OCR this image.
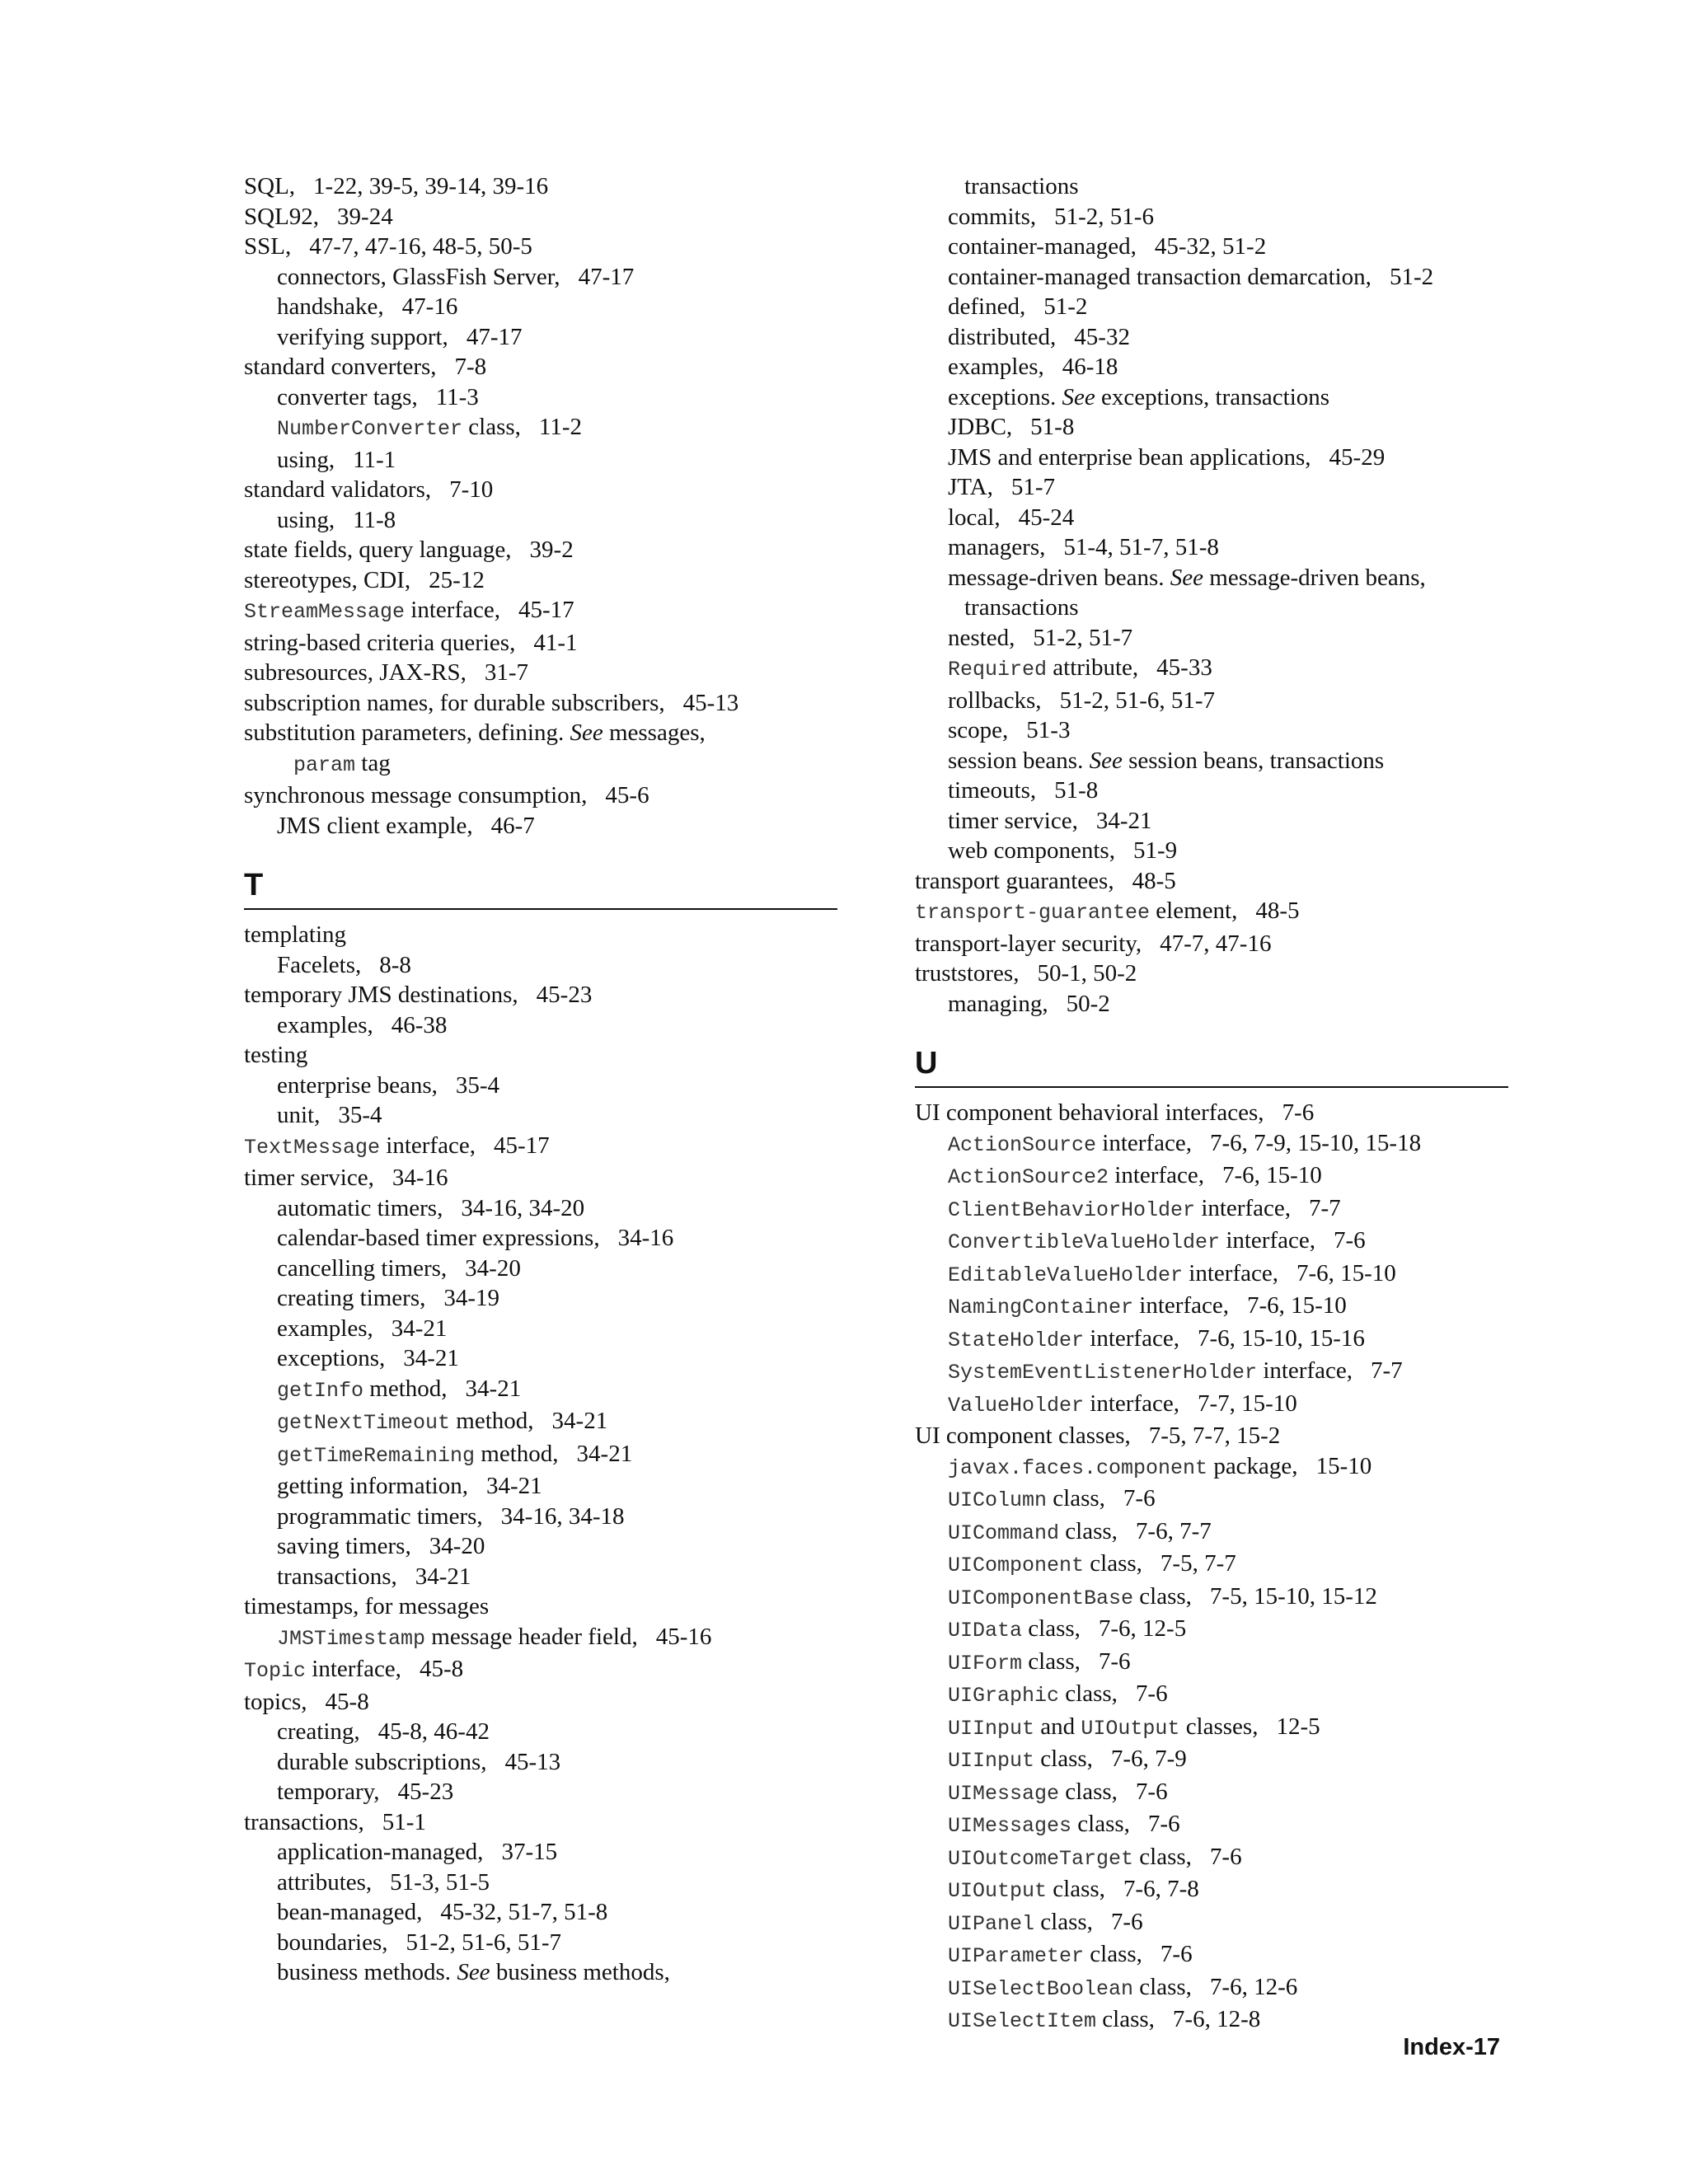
SQL, 1-22, 39-5, 39-14, 39-16
SQL92, 39-24
SSL, 47-7, 47-16, 48-5, 50-5
connectors, GlassFish Server, 47-17
handshake, 47-16
verifying support, 47-17
standard converters, 7-8
converter tags, 11-3
NumberConverter class, 11-2
using, 11-1
standard validators, 7-10
using, 11-8
state fields, query language, 39-2
stereotypes, CDI, 25-12
StreamMessage interface, 45-17
string-based criteria queries, 41-1
subresources, JAX-RS, 31-7
subscription names, for durable subscribers, 45-13
substitution parameters, defining. See messages,
param tag
synchronous message consumption, 45-6
JMS client example, 46-7
T
templating
Facelets, 8-8
temporary JMS destinations, 45-23
examples, 46-38
testing
enterprise beans, 35-4
unit, 35-4
TextMessage interface, 45-17
timer service, 34-16
automatic timers, 34-16, 34-20
calendar-based timer expressions, 34-16
cancelling timers, 34-20
creating timers, 34-19
examples, 34-21
exceptions, 34-21
getInfo method, 34-21
getNextTimeout method, 34-21
getTimeRemaining method, 34-21
getting information, 34-21
programmatic timers, 34-16, 34-18
saving timers, 34-20
transactions, 34-21
timestamps, for messages
JMSTimestamp message header field, 45-16
Topic interface, 45-8
topics, 45-8
creating, 45-8, 46-42
durable subscriptions, 45-13
temporary, 45-23
transactions, 51-1
application-managed, 37-15
attributes, 51-3, 51-5
bean-managed, 45-32, 51-7, 51-8
boundaries, 51-2, 51-6, 51-7
business methods. See business methods,
transactions
commits, 51-2, 51-6
container-managed, 45-32, 51-2
container-managed transaction demarcation, 51-2
defined, 51-2
distributed, 45-32
examples, 46-18
exceptions. See exceptions, transactions
JDBC, 51-8
JMS and enterprise bean applications, 45-29
JTA, 51-7
local, 45-24
managers, 51-4, 51-7, 51-8
message-driven beans. See message-driven beans,
transactions
nested, 51-2, 51-7
Required attribute, 45-33
rollbacks, 51-2, 51-6, 51-7
scope, 51-3
session beans. See session beans, transactions
timeouts, 51-8
timer service, 34-21
web components, 51-9
transport guarantees, 48-5
transport-guarantee element, 48-5
transport-layer security, 47-7, 47-16
truststores, 50-1, 50-2
managing, 50-2
U
UI component behavioral interfaces, 7-6
ActionSource interface, 7-6, 7-9, 15-10, 15-18
ActionSource2 interface, 7-6, 15-10
ClientBehaviorHolder interface, 7-7
ConvertibleValueHolder interface, 7-6
EditableValueHolder interface, 7-6, 15-10
NamingContainer interface, 7-6, 15-10
StateHolder interface, 7-6, 15-10, 15-16
SystemEventListenerHolder interface, 7-7
ValueHolder interface, 7-7, 15-10
UI component classes, 7-5, 7-7, 15-2
javax.faces.component package, 15-10
UIColumn class, 7-6
UICommand class, 7-6, 7-7
UIComponent class, 7-5, 7-7
UIComponentBase class, 7-5, 15-10, 15-12
UIData class, 7-6, 12-5
UIForm class, 7-6
UIGraphic class, 7-6
UIInput and UIOutput classes, 12-5
UIInput class, 7-6, 7-9
UIMessage class, 7-6
UIMessages class, 7-6
UIOutcomeTarget class, 7-6
UIOutput class, 7-6, 7-8
UIPanel class, 7-6
UIParameter class, 7-6
UISelectBoolean class, 7-6, 12-6
UISelectItem class, 7-6, 12-8
Index-17
